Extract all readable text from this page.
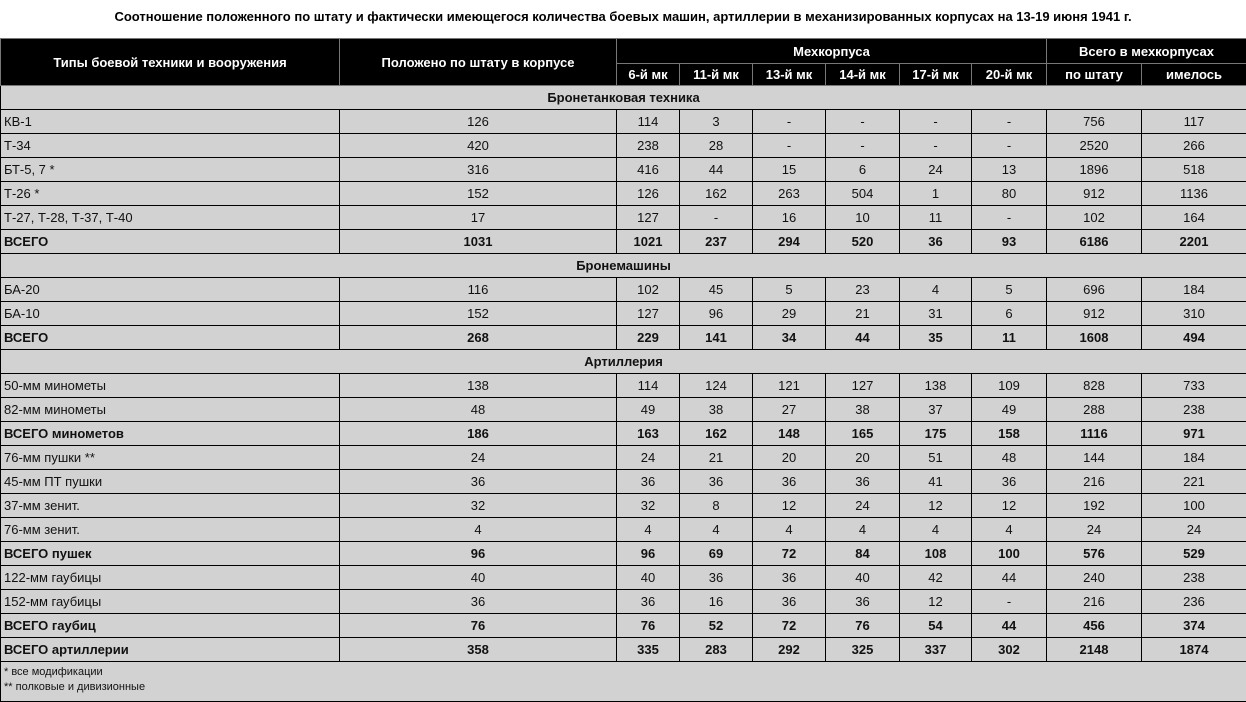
Соотношение положенного по штату и фактически имеющегося количества боевых машин, артиллерии в механизированных корпусах на 13-19 июня 1941 г.
Типы боевой техники и вооружения	Положено по штату в корпусе	Мехкорпуса						Всего в мехкорпусах	
		6-й мк	11-й мк	13-й мк	14-й мк	17-й мк	20-й мк	по штату	имелось
Бронетанковая техника									
КВ-1	126	114	3	-	-	-	-	756	117
Т-34	420	238	28	-	-	-	-	2520	266
БТ-5, 7 *	316	416	44	15	6	24	13	1896	518
Т-26 *	152	126	162	263	504	1	80	912	1136
Т-27, Т-28, Т-37, Т-40	17	127	-	16	10	11	-	102	164
ВСЕГО	1031	1021	237	294	520	36	93	6186	2201
Бронемашины									
БА-20	116	102	45	5	23	4	5	696	184
БА-10	152	127	96	29	21	31	6	912	310
ВСЕГО	268	229	141	34	44	35	11	1608	494
Артиллерия									
50-мм минометы	138	114	124	121	127	138	109	828	733
82-мм минометы	48	49	38	27	38	37	49	288	238
ВСЕГО минометов	186	163	162	148	165	175	158	1116	971
76-мм пушки **	24	24	21	20	20	51	48	144	184
45-мм ПТ пушки	36	36	36	36	36	41	36	216	221
37-мм зенит.	32	32	8	12	24	12	12	192	100
76-мм зенит.	4	4	4	4	4	4	4	24	24
ВСЕГО пушек	96	96	69	72	84	108	100	576	529
122-мм гаубицы	40	40	36	36	40	42	44	240	238
152-мм гаубицы	36	36	16	36	36	12	-	216	236
ВСЕГО гаубиц	76	76	52	72	76	54	44	456	374
ВСЕГО артиллерии	358	335	283	292	325	337	302	2148	1874

* все модификации
** полковые и дивизионные									
